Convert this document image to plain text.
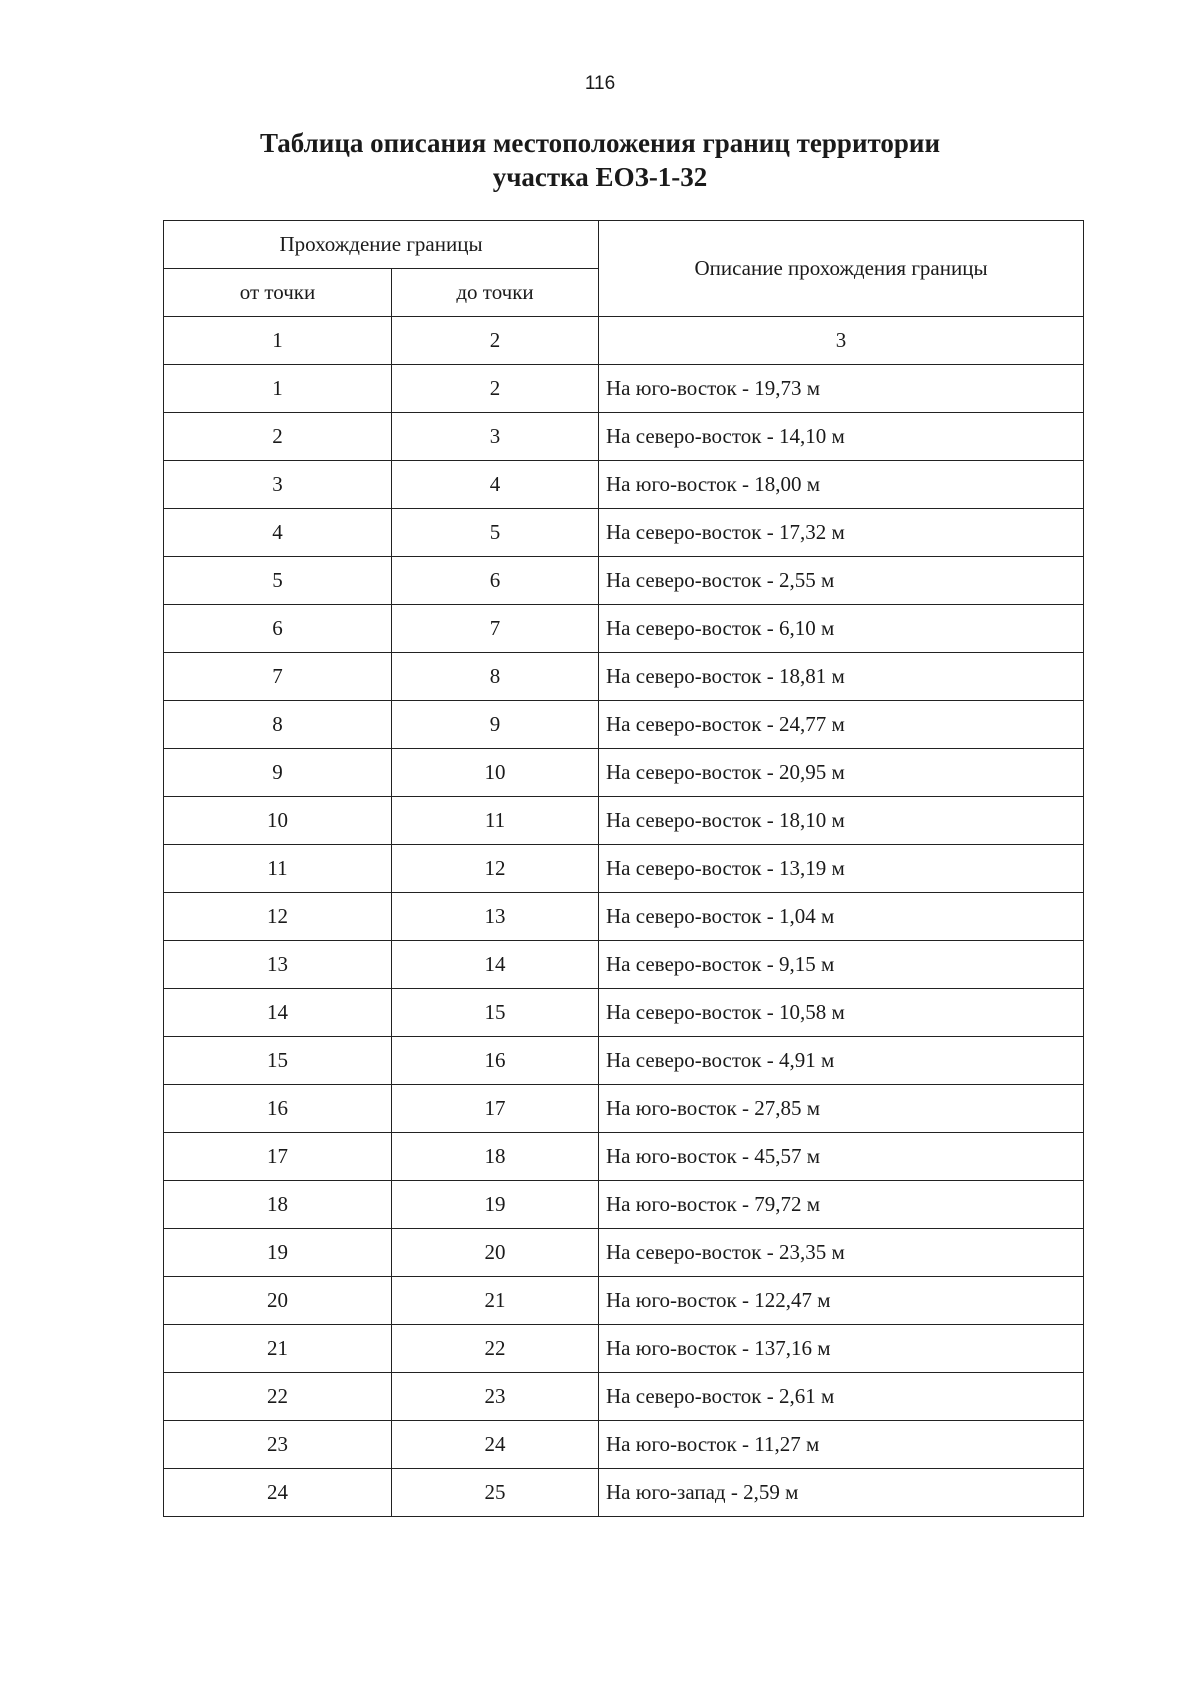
116
Таблица описания местоположения границ территории
участка ЕОЗ-1-32
Прохождение границы		Описание прохождения границы
от точки	до точки	
1	2	3
1	2	На юго-восток - 19,73 м
2	3	На северо-восток - 14,10 м
3	4	На юго-восток - 18,00 м
4	5	На северо-восток - 17,32 м
5	6	На северо-восток - 2,55 м
6	7	На северо-восток - 6,10 м
7	8	На северо-восток - 18,81 м
8	9	На северо-восток - 24,77 м
9	10	На северо-восток - 20,95 м
10	11	На северо-восток - 18,10 м
11	12	На северо-восток - 13,19 м
12	13	На северо-восток - 1,04 м
13	14	На северо-восток - 9,15 м
14	15	На северо-восток - 10,58 м
15	16	На северо-восток - 4,91 м
16	17	На юго-восток - 27,85 м
17	18	На юго-восток - 45,57 м
18	19	На юго-восток - 79,72 м
19	20	На северо-восток - 23,35 м
20	21	На юго-восток - 122,47 м
21	22	На юго-восток - 137,16 м
22	23	На северо-восток - 2,61 м
23	24	На юго-восток - 11,27 м
24	25	На юго-запад - 2,59 м
